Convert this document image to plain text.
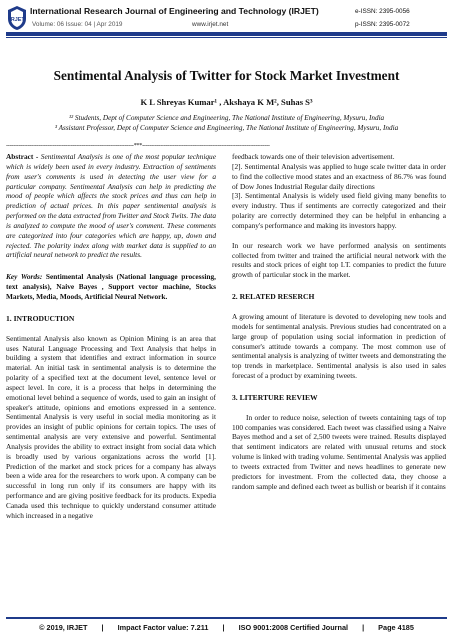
IRJET
International Research Journal of Engineering and Technology (IRJET)	e-ISSN: 2395-0056
Volume: 06 Issue: 04 | Apr 2019	www.irjet.net	p-ISSN: 2395-0072
Sentimental Analysis of Twitter for Stock Market Investment
K L Shreyas Kumar¹ , Akshaya K M², Suhas S³
¹² Students, Dept of Computer Science and Engineering, The National Institute of Engineering, Mysuru, India
³ Assistant Professor, Dept of Computer Science and Engineering, The National Institute of Engineering, Mysuru, India
-----------------------------------------------------------------------***-----------------------------------------------------------------------

Abstract - Sentimental Analysis is one of the most popular technique which is widely been used in every industry. Extraction of sentiments from user's comments is used in detecting the user view for a particular company. Sentimental Analysis can help in predicting the mood of people which affects the stock prices and thus can help in prediction of actual prices. In this paper sentimental analysis is performed on the data extracted from Twitter and Stock Twits. The data is analyzed to compute the mood of user's comment. These comments are categorized into four categories which are happy, up, down and rejected. The polarity index along with market data is supplied to an artificial neural network to predict the results.

Key Words: Sentimental Analysis (National language processing, text analysis), Naive Bayes , Support vector machine, Stocks Markets, Media, Moods, Artificial Neural Network.

1. INTRODUCTION

Sentimental Analysis also known as Opinion Mining is an area that uses Natural Language Processing and Text Analysis that helps in building a system that identifies and extract information in source material. An initial task in sentimental analysis is to determine the polarity of a specified text at the document level, sentence level or aspect level. In core, it is a process that helps in determining the emotional level behind a sequence of words, used to gain an insight of speaker's attitude, opinions and emotions expressed in a sentence. Sentimental Analysis is very useful in social media monitoring as it provides an insight of public opinions for certain topics. The uses of sentimental analysis are very extensive and powerful. Sentimental Analysis provides the ability to extract insight from social data which is broadly used by various organizations across the world [1]. Prediction of the market and stock prices for a company has always been a wide area for the researchers to work upon. A company can be successful in long run only if its consumers are happy with its performance and are giving positive feedback for its products. Expedia Canada used this technique to quickly understand consumer attitude which increased in a negative

feedback towards one of their television advertisement.

[2]. Sentimental Analysis was applied to huge scale twitter data in order to find the collective mood states and an exactness of 86.7% was found of Dow Jones Industrial Regular daily directions

[3]. Sentimental Analysis is widely used field giving many benefits to every industry. Thus if sentiments are correctly categorized and their polarity are correctly determined they can be helpful in enhancing a company's performance and making its investors happy.

In our research work we have performed analysis on sentiments collected from twitter and trained the artificial neural network with the results and stock prices of eight top I.T. companies to predict the future growth of particular stock in the market.

2. RELATED RESERCH

A growing amount of literature is devoted to developing new tools and models for sentimental analysis. Previous studies had concentrated on a large group of population using social information in prediction of consumer's attitude towards a company. The most common use of sentimental analysis is analyzing of twitter tweets and demonstrating the top trends in marketplace. Sentimental analysis is also used in sales forecast of a product by examining tweets.

3. LITERTURE REVIEW

In order to reduce noise, selection of tweets containing tags of top 100 companies was considered. Each tweet was classified using a Naive Bayes method and a set of 2,500 tweets were trained. Results displayed that sentiment indicators are related with unusual returns and stock volume is linked with trading volume. Sentimental Analysis was applied to tweets extracted from Twitter and news headlines to generate new predictors for investment. From the collected data, they choose a random sample and defined each tweet as bullish or bearish if it contains

© 2019, IRJET | Impact Factor value: 7.211 | ISO 9001:2008 Certified Journal | Page 4185
